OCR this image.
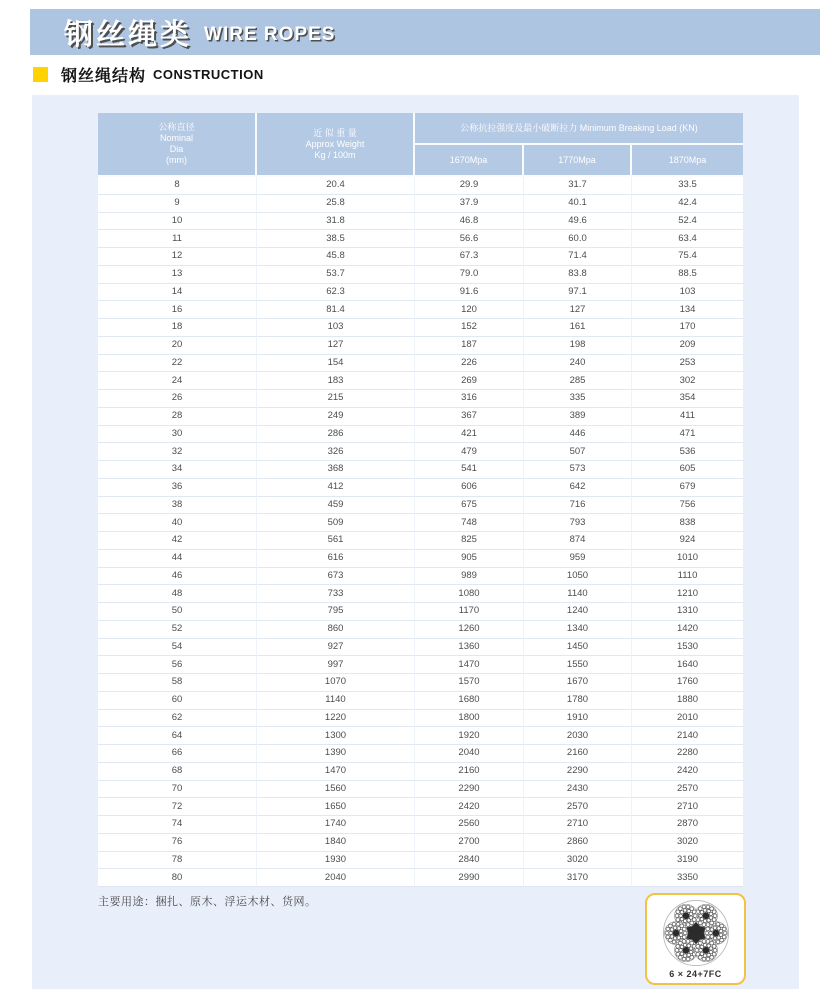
钢丝绳类 WIRE ROPES
钢丝绳结构 CONSTRUCTION
公称直径
Nominal
Dia
(mm)	近 似 重 量
Approx Weight
Kg / 100m	公称抗拉强度及最小破断拉力 Minimum Breaking Load (KN)		
		1670Mpa	1770Mpa	1870Mpa
8	20.4	29.9	31.7	33.5
9	25.8	37.9	40.1	42.4
10	31.8	46.8	49.6	52.4
11	38.5	56.6	60.0	63.4
12	45.8	67.3	71.4	75.4
13	53.7	79.0	83.8	88.5
14	62.3	91.6	97.1	103
16	81.4	120	127	134
18	103	152	161	170
20	127	187	198	209
22	154	226	240	253
24	183	269	285	302
26	215	316	335	354
28	249	367	389	411
30	286	421	446	471
32	326	479	507	536
34	368	541	573	605
36	412	606	642	679
38	459	675	716	756
40	509	748	793	838
42	561	825	874	924
44	616	905	959	1010
46	673	989	1050	1110
48	733	1080	1140	1210
50	795	1170	1240	1310
52	860	1260	1340	1420
54	927	1360	1450	1530
56	997	1470	1550	1640
58	1070	1570	1670	1760
60	1140	1680	1780	1880
62	1220	1800	1910	2010
64	1300	1920	2030	2140
66	1390	2040	2160	2280
68	1470	2160	2290	2420
70	1560	2290	2430	2570
72	1650	2420	2570	2710
74	1740	2560	2710	2870
76	1840	2700	2860	3020
78	1930	2840	3020	3190
80	2040	2990	3170	3350
主要用途：捆扎、原木、浮运木材、货网。
6 × 24+7FC
